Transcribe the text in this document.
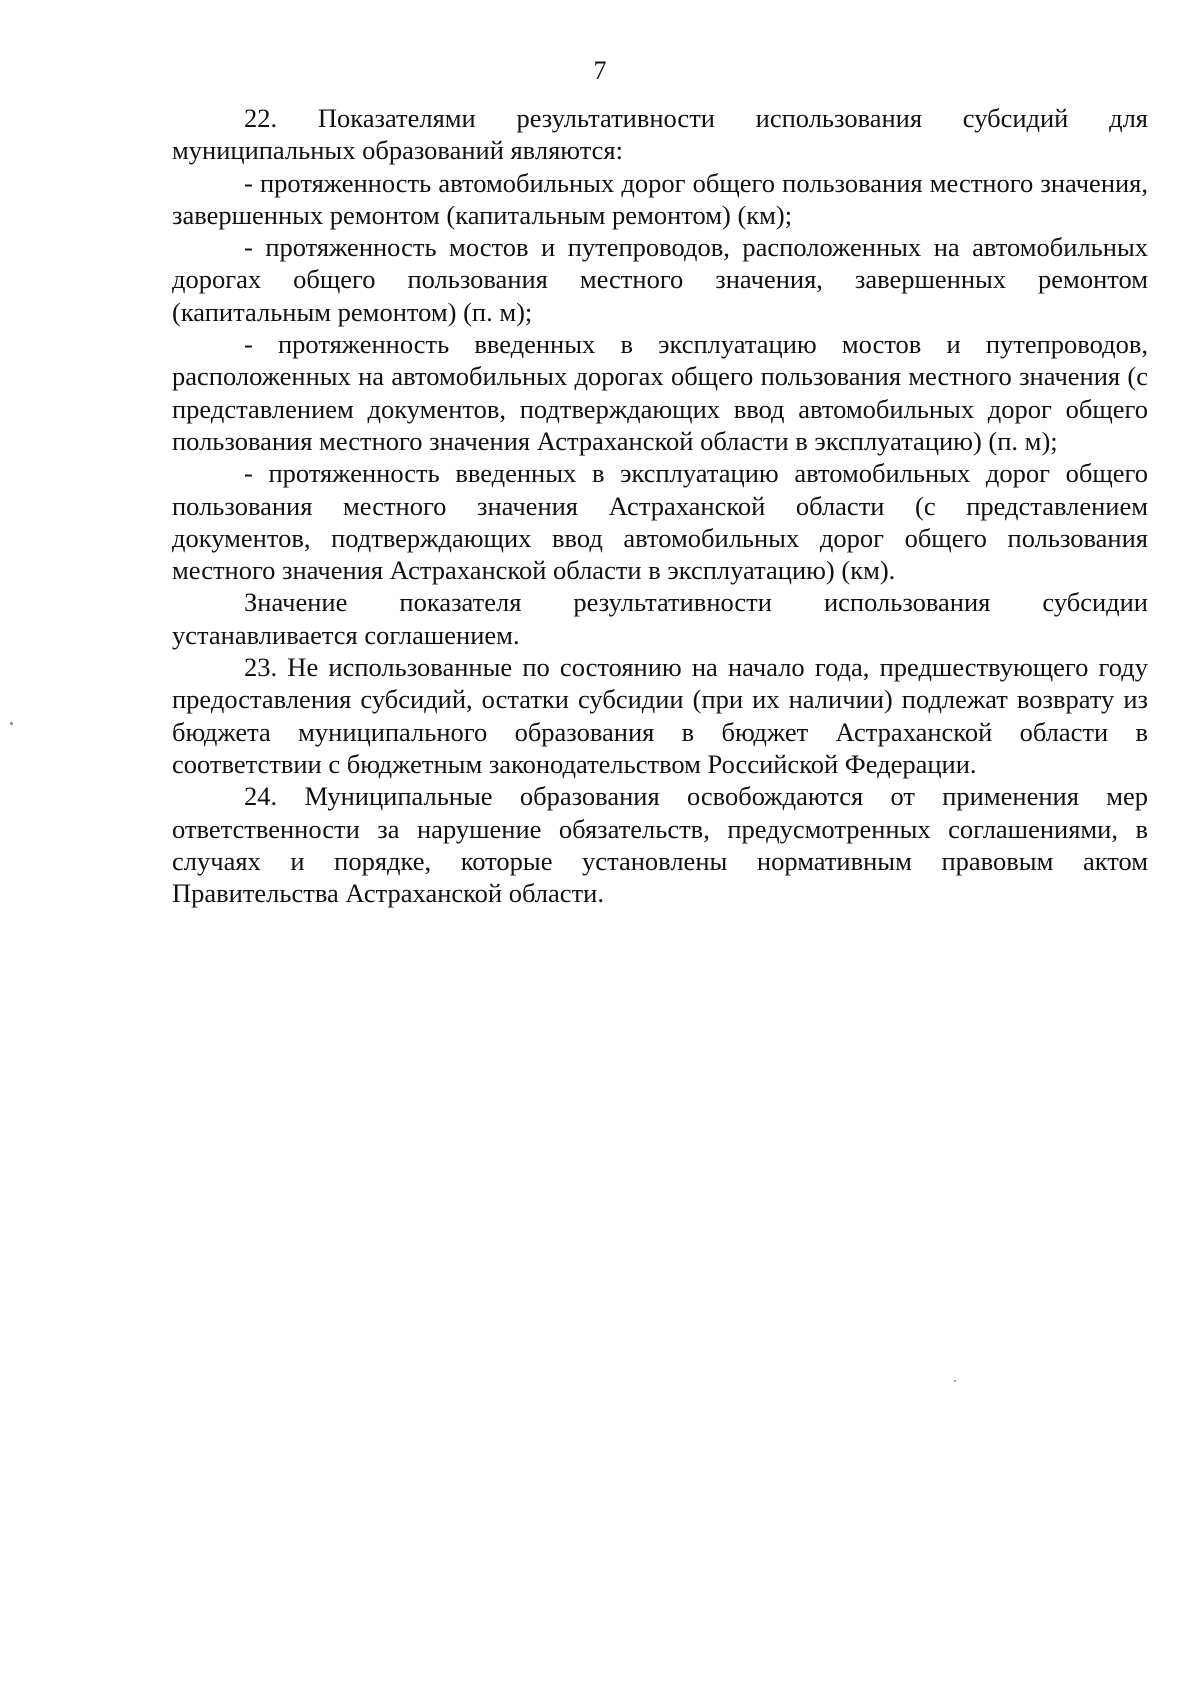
7

22. Показателями результативности использования субсидий для муниципальных образований являются:

- протяженность автомобильных дорог общего пользования местного значения, завершенных ремонтом (капитальным ремонтом) (км);

- протяженность мостов и путепроводов, расположенных на автомобильных дорогах общего пользования местного значения, завершенных ремонтом (капитальным ремонтом) (п. м);

- протяженность введенных в эксплуатацию мостов и путепроводов, расположенных на автомобильных дорогах общего пользования местного значения (с представлением документов, подтверждающих ввод автомобильных дорог общего пользования местного значения Астраханской области в эксплуатацию) (п. м);

- протяженность введенных в эксплуатацию автомобильных дорог общего пользования местного значения Астраханской области (с представлением документов, подтверждающих ввод автомобильных дорог общего пользования местного значения Астраханской области в эксплуатацию) (км).

Значение показателя результативности использования субсидии устанавливается соглашением.

23. Не использованные по состоянию на начало года, предшествующего году предоставления субсидий, остатки субсидии (при их наличии) подлежат возврату из бюджета муниципального образования в бюджет Астраханской области в соответствии с бюджетным законодательством Российской Федерации.

24. Муниципальные образования освобождаются от применения мер ответственности за нарушение обязательств, предусмотренных соглашениями, в случаях и порядке, которые установлены нормативным правовым актом Правительства Астраханской области.
